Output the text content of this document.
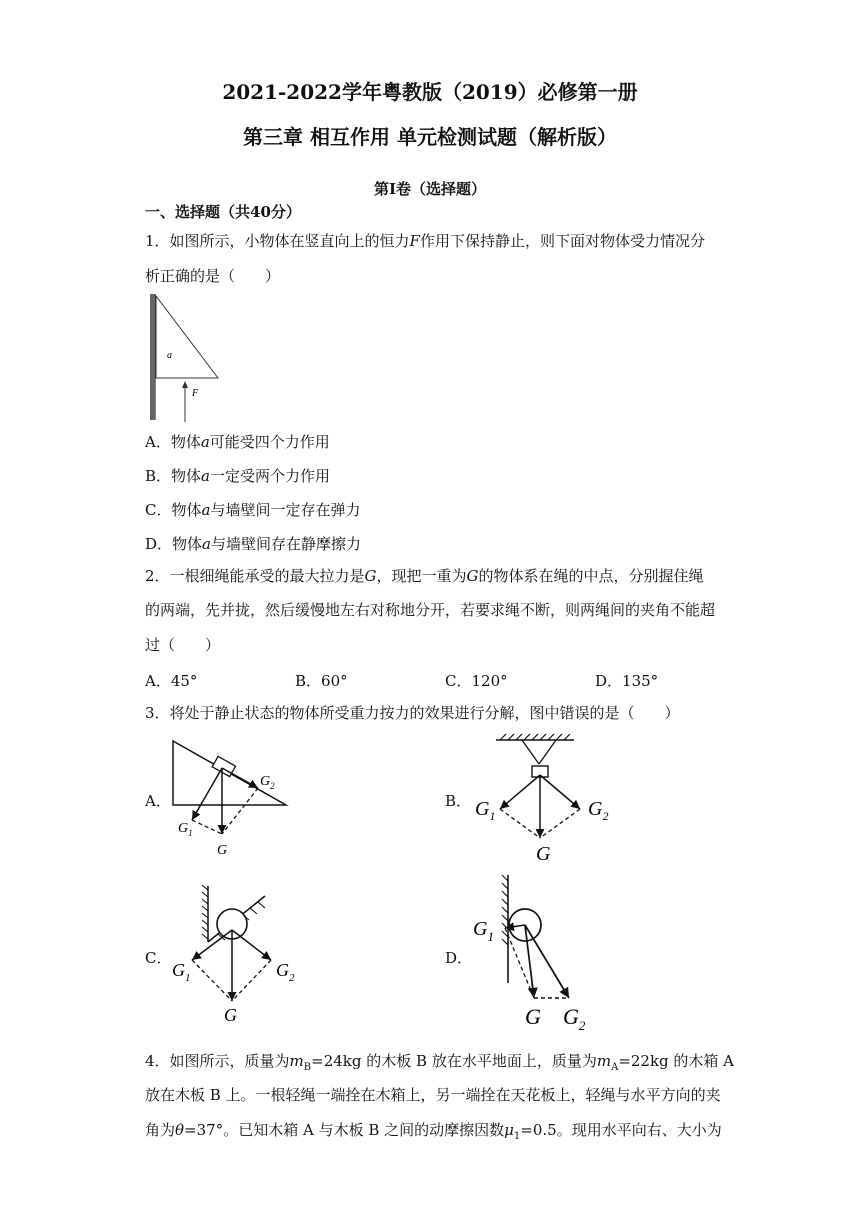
2021-2022学年粤教版（2019）必修第一册
第三章 相互作用 单元检测试题（解析版）
第Ⅰ卷（选择题）
一、选择题（共40分）
1．如图所示，小物体在竖直向上的恒力F作用下保持静止，则下面对物体受力情况分
析正确的是（　　）
a
F
A．物体a可能受四个力作用
B．物体a一定受两个力作用
C．物体a与墙壁间一定存在弹力
D．物体a与墙壁间存在静摩擦力
2．一根细绳能承受的最大拉力是G，现把一重为G的物体系在绳的中点，分别握住绳
的两端，先并拢，然后缓慢地左右对称地分开，若要求绳不断，则两绳间的夹角不能超
过（　　）
A．45°	B．60°	C．120°	D．135°
3．将处于静止状态的物体所受重力按力的效果进行分解，图中错误的是（　　）
A．	B．
C．	D．
$G_2$
$G_1$
G
$G_1$	$G_2$
G
$G_1$	$G_2$
G
$G_1$
G $G_2$
4．如图所示，质量为$m_B=24kg$ 的木板 B 放在水平地面上，质量为$m_A=22kg$ 的木箱 A
放在木板 B 上。一根轻绳一端拴在木箱上，另一端拴在天花板上，轻绳与水平方向的夹
角为θ=37°。已知木箱 A 与木板 B 之间的动摩擦因数$\mu_1=0.5$。现用水平向右、大小为
